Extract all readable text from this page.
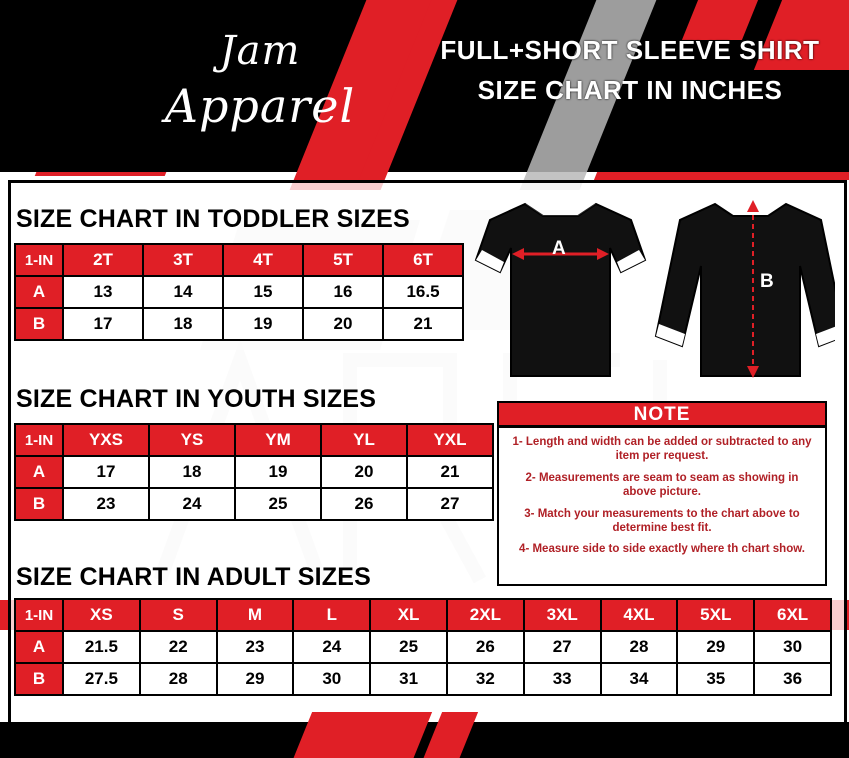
Jam
Apparel
FULL+SHORT SLEEVE SHIRT
SIZE CHART IN INCHES
SIZE CHART IN TODDLER SIZES
1-IN	2T	3T	4T	5T	6T
A	13	14	15	16	16.5
B	17	18	19	20	21
SIZE CHART IN YOUTH SIZES
1-IN	YXS	YS	YM	YL	YXL
A	17	18	19	20	21
B	23	24	25	26	27
SIZE CHART IN ADULT SIZES
1-IN	XS	S	M	L	XL	2XL	3XL	4XL	5XL	6XL
A	21.5	22	23	24	25	26	27	28	29	30
B	27.5	28	29	30	31	32	33	34	35	36
A
B
NOTE

1- Length and width can be added or subtracted to any item per request.

2- Measurements are seam to seam as showing in above picture.

3- Match your measurements to the chart above to determine best fit.

4- Measure side to side exactly where th chart show.
